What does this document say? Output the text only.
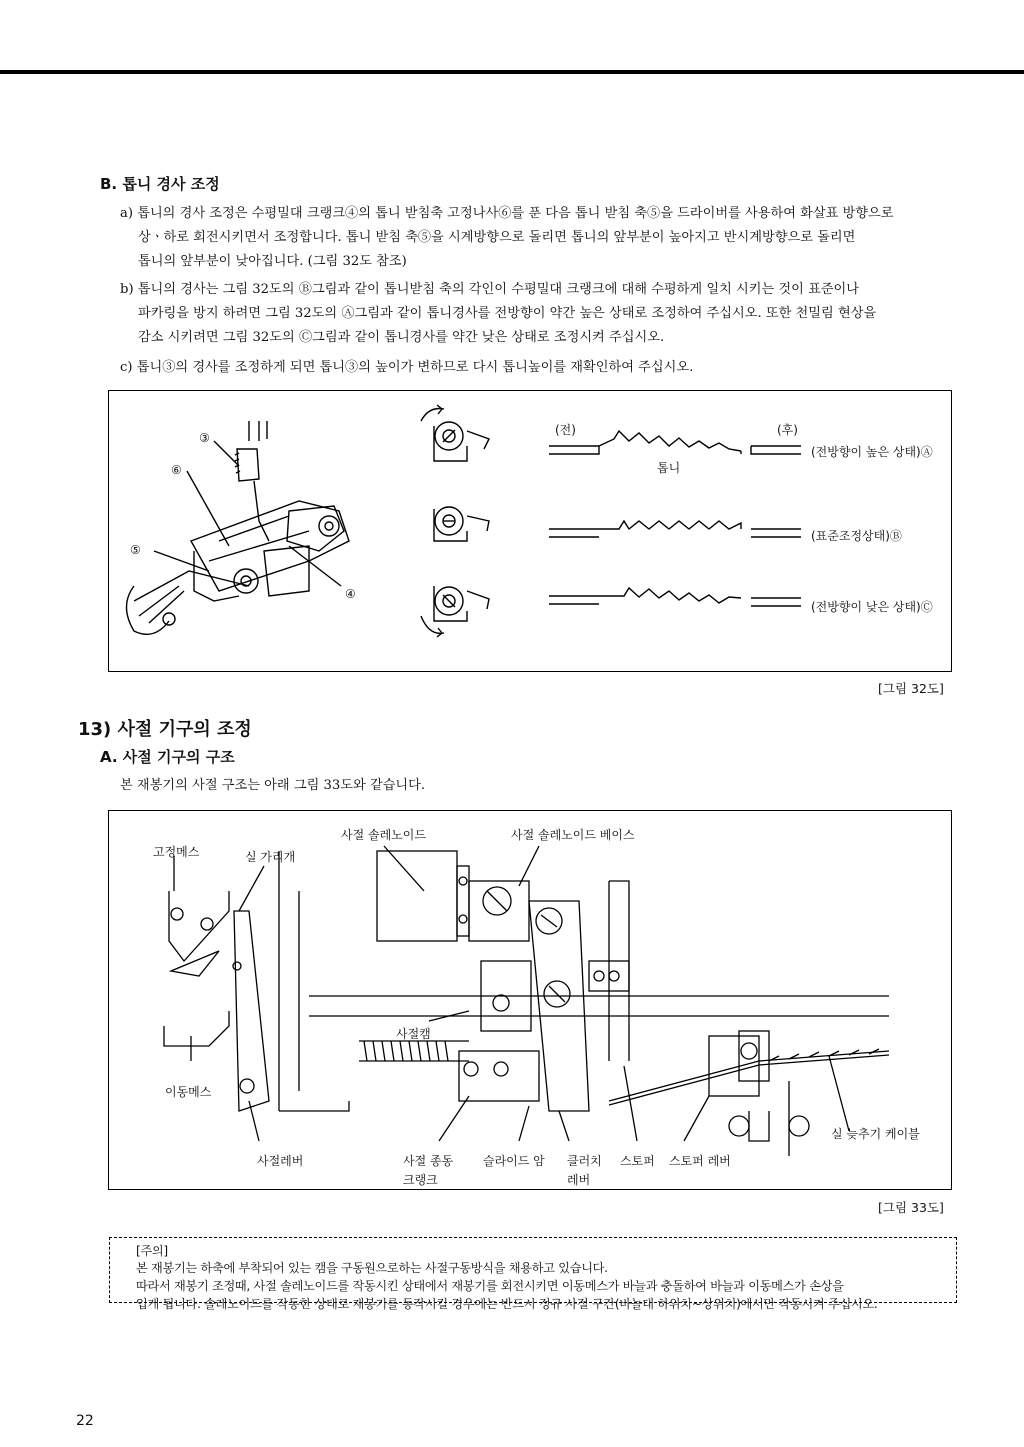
B. 톱니 경사 조정
a) 톱니의 경사 조정은 수평밀대 크랭크④의 톱니 받침축 고정나사⑥를 푼 다음 톱니 받침 축⑤을 드라이버를 사용하여 화살표 방향으로
상ㆍ하로 회전시키면서 조정합니다. 톱니 받침 축⑤을 시계방향으로 돌리면 톱니의 앞부분이 높아지고 반시계방향으로 돌리면
톱니의 앞부분이 낮아집니다. (그림 32도 참조)
b) 톱니의 경사는 그림 32도의 Ⓑ그림과 같이 톱니받침 축의 각인이 수평밀대 크랭크에 대해 수평하게 일치 시키는 것이 표준이나
파카링을 방지 하려면 그림 32도의 Ⓐ그림과 같이 톱니경사를 전방향이 약간 높은 상태로 조정하여 주십시오. 또한 천밀림 현상을
감소 시키려면 그림 32도의 Ⓒ그림과 같이 톱니경사를 약간 낮은 상태로 조정시켜 주십시오.
c) 톱니③의 경사를 조정하게 되면 톱니③의 높이가 변하므로 다시 톱니높이를 재확인하여 주십시오.
③
⑥
⑤
④
(전)	(후)
톱니
(전방향이 높은 상태)Ⓐ
(표준조정상태)Ⓑ
(전방향이 낮은 상태)Ⓒ
[그림 32도]
13) 사절 기구의 조정
A. 사절 기구의 구조
본 재봉기의 사절 구조는 아래 그림 33도와 같습니다.
고정메스	실 가리개
사절 솔레노이드	사절 솔레노이드 베이스
사절캠
이동메스
사절레버	사절 종동
크랭크
슬라이드 암 클러치
레버
스토퍼 스토퍼 레버
실 늦추기 케이블
[그림 33도]
[주의]
본 재봉기는 하축에 부착되어 있는 캠을 구동원으로하는 사절구동방식을 채용하고 있습니다.
따라서 재봉기 조정때, 사절 솔레노이드를 작동시킨 상태에서 재봉기를 회전시키면 이동메스가 바늘과 충돌하여 바늘과 이동메스가 손상을
입게 됩니다. 솔레노이드를 작동한 상태로 재봉기를 동작시킬 경우에는 반드시 정규 사절 구간(바늘대 하위치~상위치)에서만 작동시켜 주십시오.
22
